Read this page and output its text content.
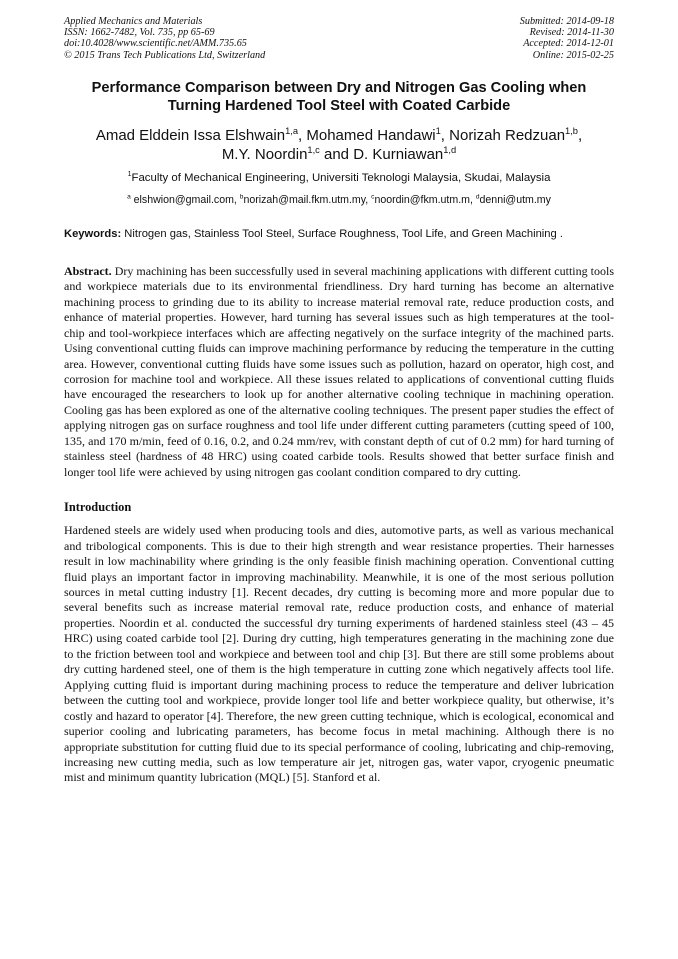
Applied Mechanics and Materials
ISSN: 1662-7482, Vol. 735, pp 65-69
doi:10.4028/www.scientific.net/AMM.735.65
© 2015 Trans Tech Publications Ltd, Switzerland
Submitted: 2014-09-18
Revised: 2014-11-30
Accepted: 2014-12-01
Online: 2015-02-25
Performance Comparison between Dry and Nitrogen Gas Cooling when
Turning Hardened Tool Steel with Coated Carbide
Amad Elddein Issa Elshwain$^{1,a}$, Mohamed Handawi$^1$, Norizah Redzuan$^{1,b}$,
M.Y. Noordin$^{1,c}$ and D. Kurniawan$^{1,d}$
$^1$Faculty of Mechanical Engineering, Universiti Teknologi Malaysia, Skudai, Malaysia
$^a$ elshwion@gmail.com, $^b$norizah@mail.fkm.utm.my, $^c$noordin@fkm.utm.m, $^d$denni@utm.my

Keywords: Nitrogen gas, Stainless Tool Steel, Surface Roughness, Tool Life, and Green Machining .

Abstract. Dry machining has been successfully used in several machining applications with different cutting tools and workpiece materials due to its environmental friendliness. Dry hard turning has become an alternative machining process to grinding due to its ability to increase material removal rate, reduce production costs, and enhance of material properties. However, hard turning has several issues such as high temperatures at the tool-chip and tool-workpiece interfaces which are affecting negatively on the surface integrity of the machined parts. Using conventional cutting fluids can improve machining performance by reducing the temperature in the cutting area. However, conventional cutting fluids have some issues such as pollution, hazard on operator, high cost, and corrosion for machine tool and workpiece. All these issues related to applications of conventional cutting fluids have encouraged the researchers to look up for another alternative cooling technique in machining operation. Cooling gas has been explored as one of the alternative cooling techniques. The present paper studies the effect of applying nitrogen gas on surface roughness and tool life under different cutting parameters (cutting speed of 100, 135, and 170 m/min, feed of 0.16, 0.2, and 0.24 mm/rev, with constant depth of cut of 0.2 mm) for hard turning of stainless steel (hardness of 48 HRC) using coated carbide tools. Results showed that better surface finish and longer tool life were achieved by using nitrogen gas coolant condition compared to dry cutting.

Introduction

Hardened steels are widely used when producing tools and dies, automotive parts, as well as various mechanical and tribological components. This is due to their high strength and wear resistance properties. Their harnesses result in low machinability where grinding is the only feasible finish machining operation. Conventional cutting fluid plays an important factor in improving machinability. Meanwhile, it is one of the most serious pollution sources in metal cutting industry [1]. Recent decades, dry cutting is becoming more and more popular due to several benefits such as increase material removal rate, reduce production costs, and enhance of material properties. Noordin et al. conducted the successful dry turning experiments of hardened stainless steel (43 – 45 HRC) using coated carbide tool [2]. During dry cutting, high temperatures generating in the machining zone due to the friction between tool and workpiece and between tool and chip [3]. But there are still some problems about dry cutting hardened steel, one of them is the high temperature in cutting zone which negatively affects tool life. Applying cutting fluid is important during machining process to reduce the temperature and deliver lubrication between the cutting tool and workpiece, provide longer tool life and better workpiece quality, but otherwise, it’s costly and hazard to operator [4]. Therefore, the new green cutting technique, which is ecological, economical and superior cooling and lubricating parameters, has become focus in metal machining. Although there is no appropriate substitution for cutting fluid due to its special performance of cooling, lubricating and chip-removing, increasing new cutting media, such as low temperature air jet, nitrogen gas, water vapor, cryogenic pneumatic mist and minimum quantity lubrication (MQL) [5]. Stanford et al.
